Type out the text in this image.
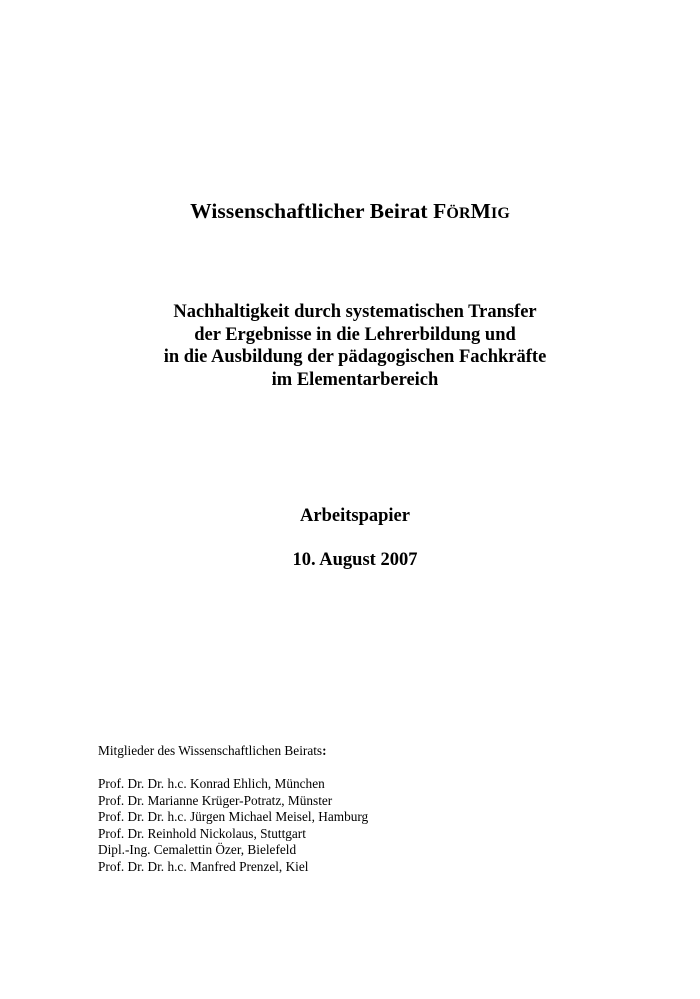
Wissenschaftlicher Beirat FÖRMIG
Nachhaltigkeit durch systematischen Transfer
der Ergebnisse in die Lehrerbildung und
in die Ausbildung der pädagogischen Fachkräfte
im Elementarbereich
Arbeitspapier
10. August 2007
Mitglieder des Wissenschaftlichen Beirats:
Prof. Dr. Dr. h.c. Konrad Ehlich, München
Prof. Dr. Marianne Krüger-Potratz, Münster
Prof. Dr. Dr. h.c. Jürgen Michael Meisel, Hamburg
Prof. Dr. Reinhold Nickolaus, Stuttgart
Dipl.-Ing. Cemalettin Özer, Bielefeld
Prof. Dr. Dr. h.c. Manfred Prenzel, Kiel
